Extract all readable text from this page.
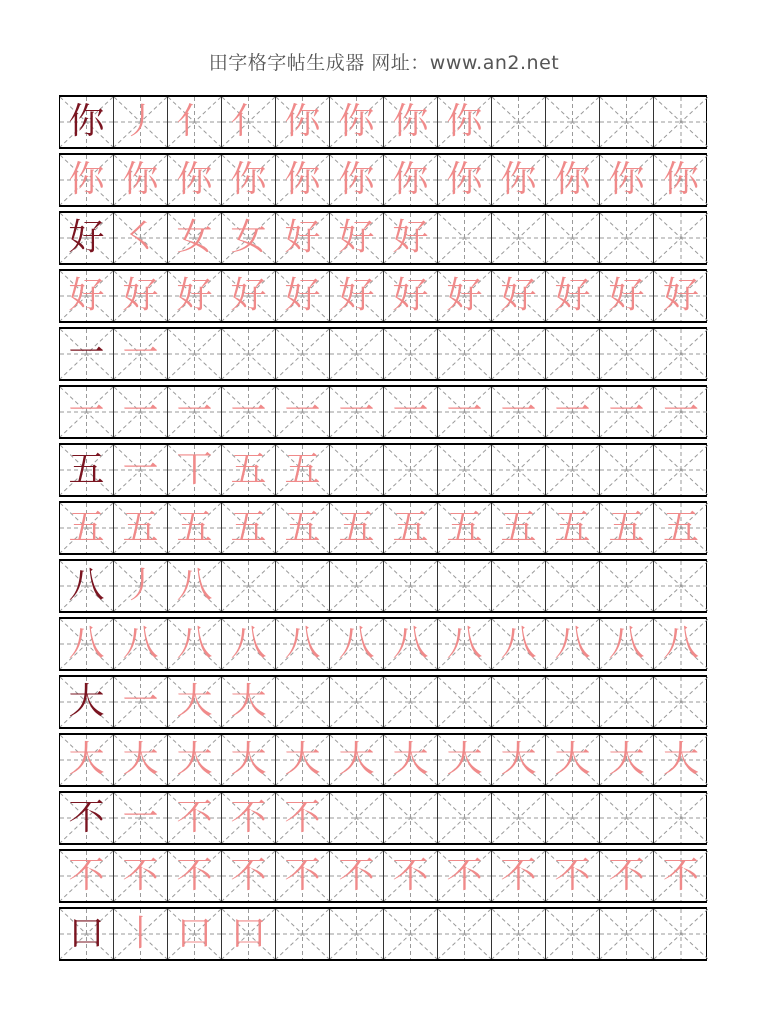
田字格字帖生成器 网址：www.an2.net
你 丿 亻 亻 你 你 你 你
你 你 你 你 你 你 你 你 你 你 你 你
好 ㇛ 女 女 好 好 好
好 好 好 好 好 好 好 好 好 好 好 好
一 一
一 一 一 一 一 一 一 一 一 一 一 一
五 一 丅 五 五
五 五 五 五 五 五 五 五 五 五 五 五
八 丿 八
八 八 八 八 八 八 八 八 八 八 八 八
大 一 大 大
大 大 大 大 大 大 大 大 大 大 大 大
不 一 不 不 不
不 不 不 不 不 不 不 不 不 不 不 不
口 丨 口 口
